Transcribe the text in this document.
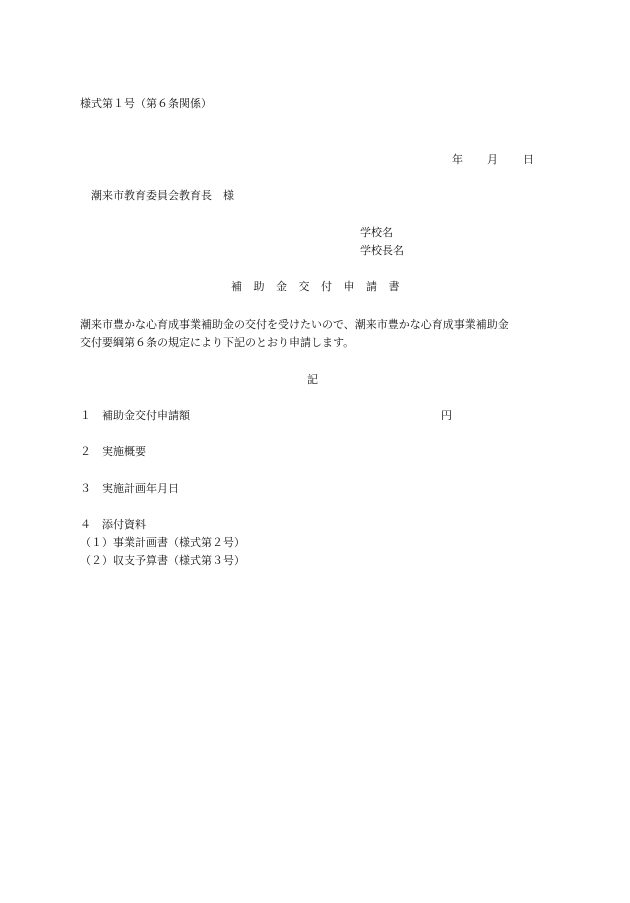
様式第１号（第６条関係）
年 月 日
潮来市教育委員会教育長　様
学校名
学校長名
補助金交付申請書
潮来市豊かな心育成事業補助金の交付を受けたいので、潮来市豊かな心育成事業補助金
交付要綱第６条の規定により下記のとおり申請します。
記
１ 補助金交付申請額	円
２ 実施概要
３ 実施計画年月日
４ 添付資料
（１）事業計画書（様式第２号）
（２）収支予算書（様式第３号）
